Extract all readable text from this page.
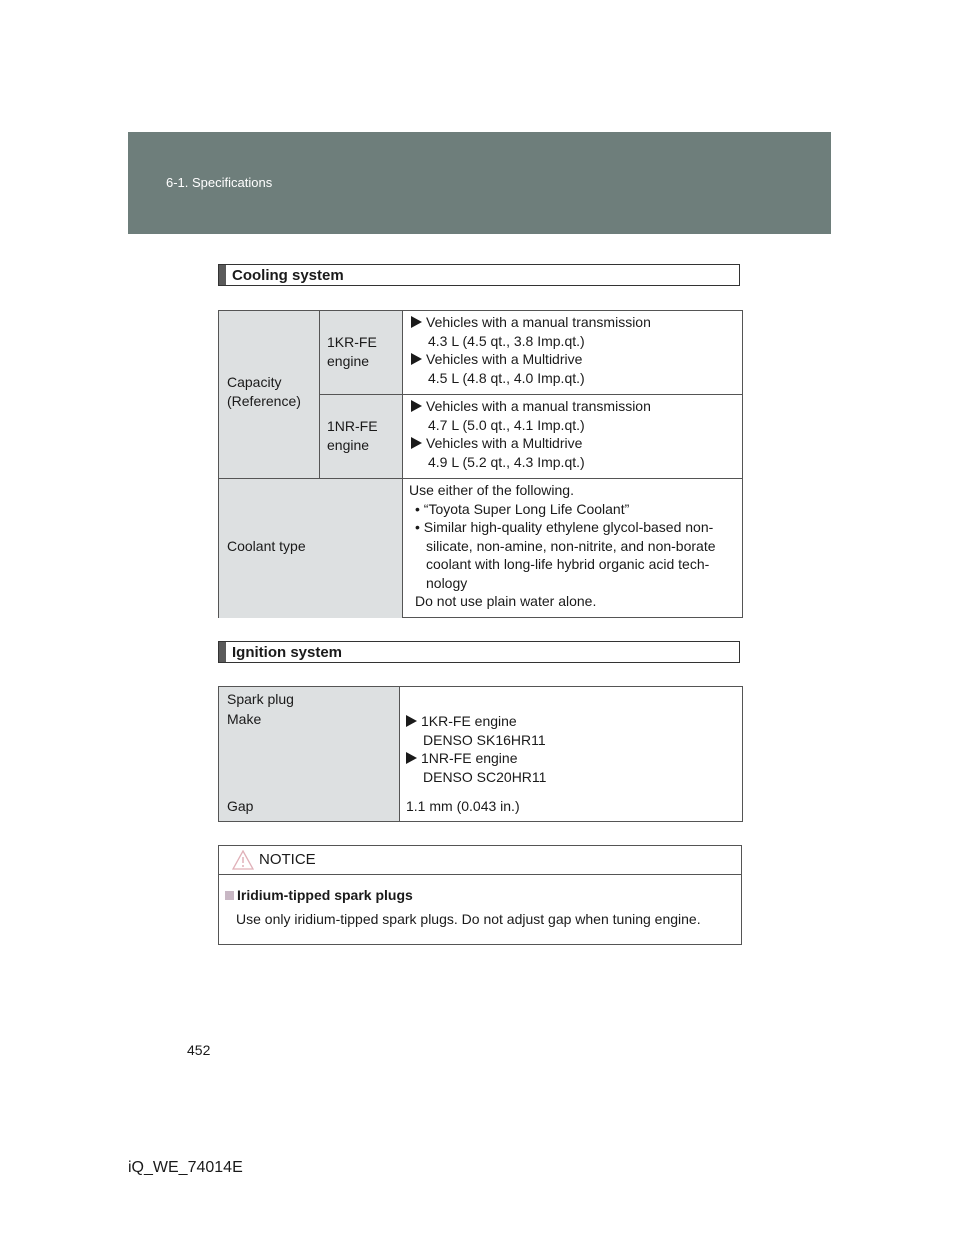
6-1. Specifications
Cooling system
Capacity
(Reference)
1KR-FE
engine
1NR-FE
engine
Vehicles with a manual transmission
4.3 L (4.5 qt., 3.8 Imp.qt.)
Vehicles with a Multidrive
4.5 L (4.8 qt., 4.0 Imp.qt.)
Vehicles with a manual transmission
4.7 L (5.0 qt., 4.1 Imp.qt.)
Vehicles with a Multidrive
4.9 L (5.2 qt., 4.3 Imp.qt.)
Coolant type
Use either of the following.
• “Toyota Super Long Life Coolant”
• Similar high-quality ethylene glycol-based non-
silicate, non-amine, non-nitrite, and non-borate
coolant with long-life hybrid organic acid tech-
nology
Do not use plain water alone.
Ignition system
Spark plug
Make
Gap
1KR-FE engine
DENSO SK16HR11
1NR-FE engine
DENSO SC20HR11
1.1 mm (0.043 in.)
NOTICE
Iridium-tipped spark plugs
Use only iridium-tipped spark plugs. Do not adjust gap when tuning engine.
452
iQ_WE_74014E
